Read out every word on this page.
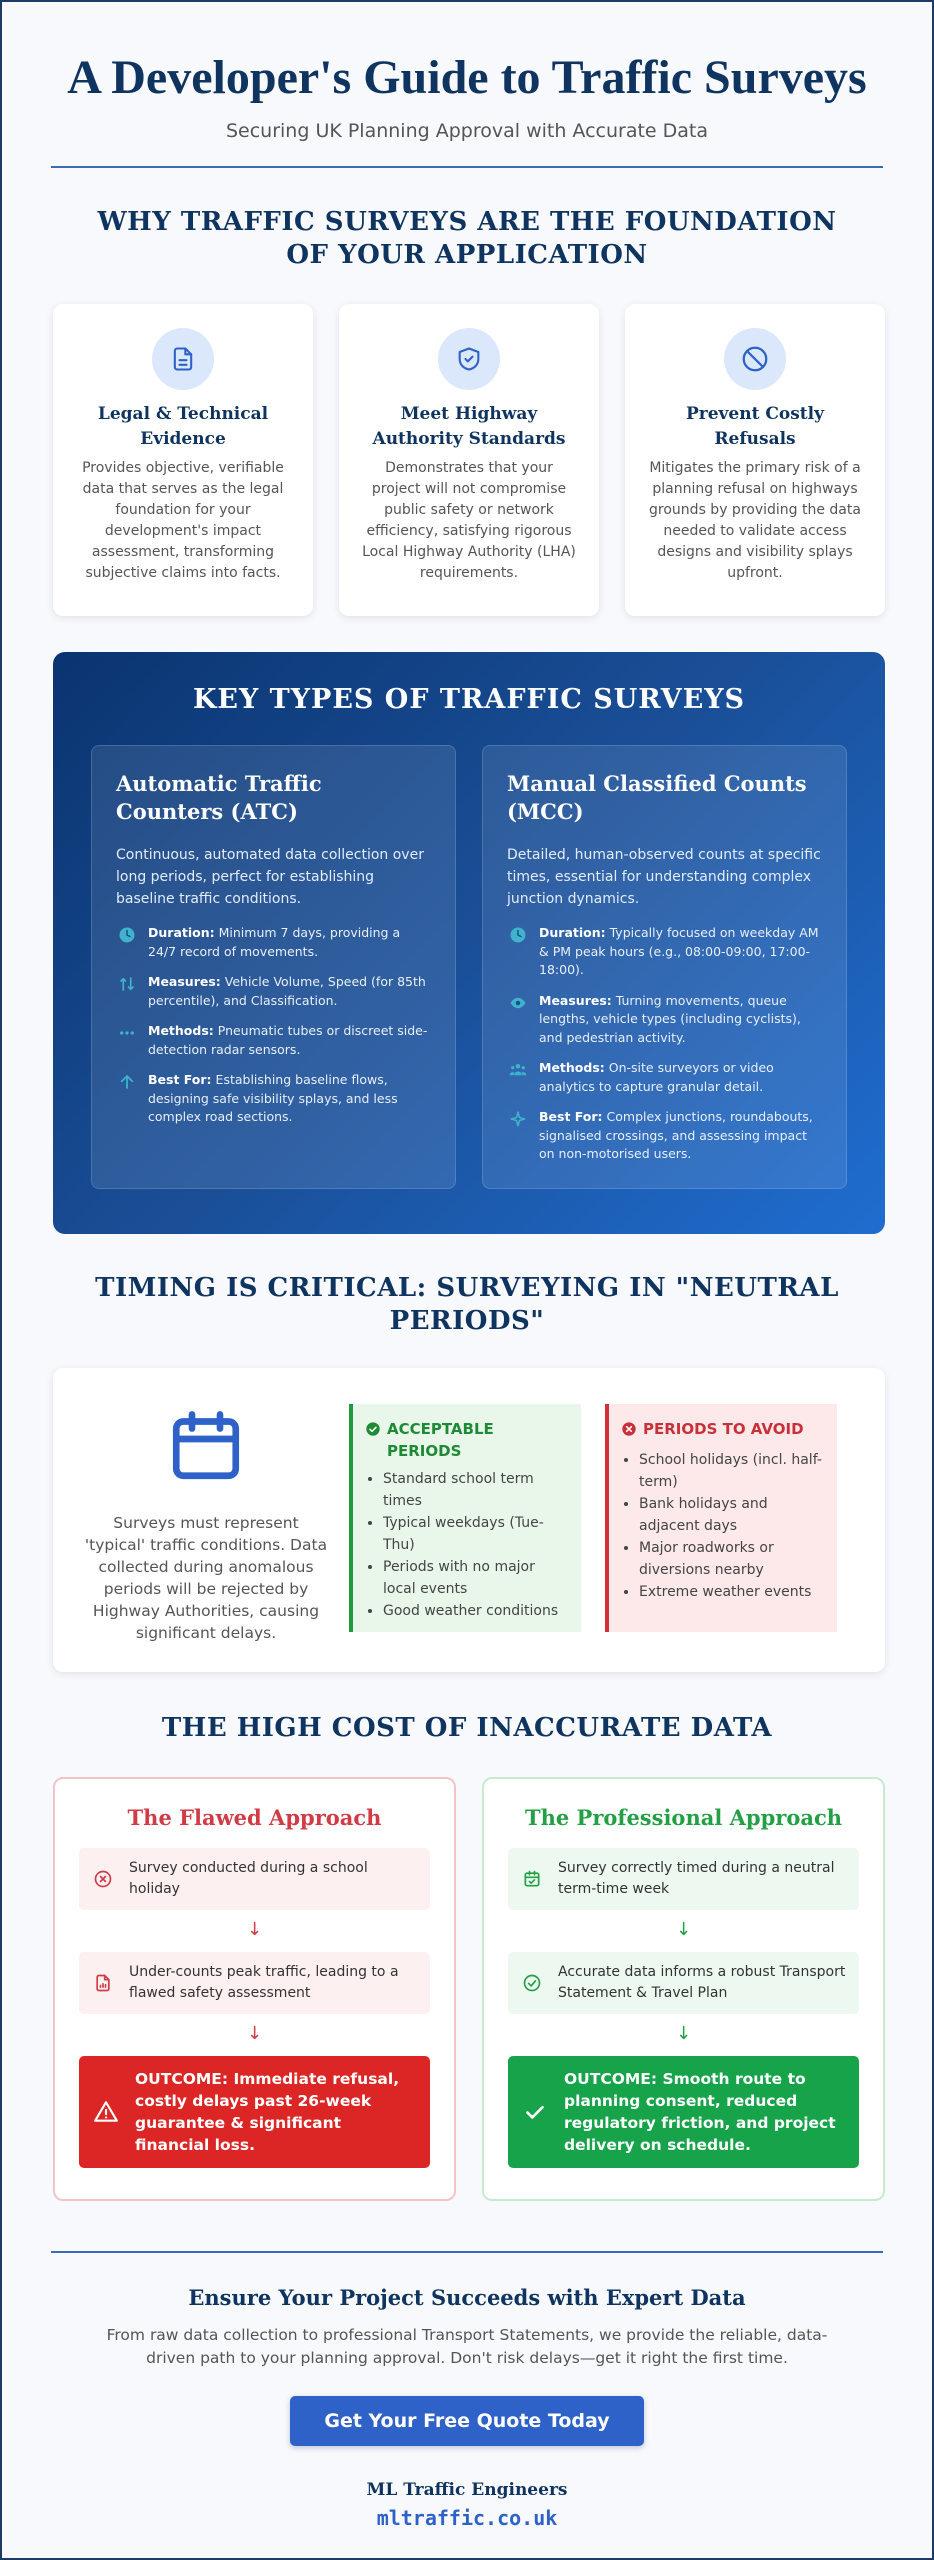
A Developer's Guide to Traffic Surveys
Securing UK Planning Approval with Accurate Data
WHY TRAFFIC SURVEYS ARE THE FOUNDATION OF YOUR APPLICATION
Legal & Technical Evidence
Provides objective, verifiable data that serves as the legal foundation for your development's impact assessment, transforming subjective claims into facts.
Meet Highway Authority Standards
Demonstrates that your project will not compromise public safety or network efficiency, satisfying rigorous Local Highway Authority (LHA) requirements.
Prevent Costly Refusals
Mitigates the primary risk of a planning refusal on highways grounds by providing the data needed to validate access designs and visibility splays upfront.
KEY TYPES OF TRAFFIC SURVEYS
Automatic Traffic Counters (ATC)
Continuous, automated data collection over long periods, perfect for establishing baseline traffic conditions.
Duration: Minimum 7 days, providing a 24/7 record of movements.
Measures: Vehicle Volume, Speed (for 85th percentile), and Classification.
Methods: Pneumatic tubes or discreet side-detection radar sensors.
Best For: Establishing baseline flows, designing safe visibility splays, and less complex road sections.
Manual Classified Counts (MCC)
Detailed, human-observed counts at specific times, essential for understanding complex junction dynamics.
Duration: Typically focused on weekday AM & PM peak hours (e.g., 08:00-09:00, 17:00-18:00).
Measures: Turning movements, queue lengths, vehicle types (including cyclists), and pedestrian activity.
Methods: On-site surveyors or video analytics to capture granular detail.
Best For: Complex junctions, roundabouts, signalised crossings, and assessing impact on non-motorised users.
TIMING IS CRITICAL: SURVEYING IN "NEUTRAL PERIODS"

Surveys must represent 'typical' traffic conditions. Data collected during anomalous periods will be rejected by Highway Authorities, causing significant delays.

ACCEPTABLE PERIODS
• Standard school term times
• Typical weekdays (Tue-Thu)
• Periods with no major local events
• Good weather conditions
PERIODS TO AVOID
• School holidays (incl. half-term)
• Bank holidays and adjacent days
• Major roadworks or diversions nearby
• Extreme weather events
THE HIGH COST OF INACCURATE DATA
The Flawed Approach
Survey conducted during a school holiday
↓
Under-counts peak traffic, leading to a flawed safety assessment
↓
OUTCOME: Immediate refusal, costly delays past 26-week guarantee & significant financial loss.
The Professional Approach
Survey correctly timed during a neutral term-time week
↓
Accurate data informs a robust Transport Statement & Travel Plan
↓
OUTCOME: Smooth route to planning consent, reduced regulatory friction, and project delivery on schedule.
Ensure Your Project Succeeds with Expert Data
From raw data collection to professional Transport Statements, we provide the reliable, data-driven path to your planning approval. Don't risk delays—get it right the first time.
Get Your Free Quote Today
ML Traffic Engineers
mltraffic.co.uk
